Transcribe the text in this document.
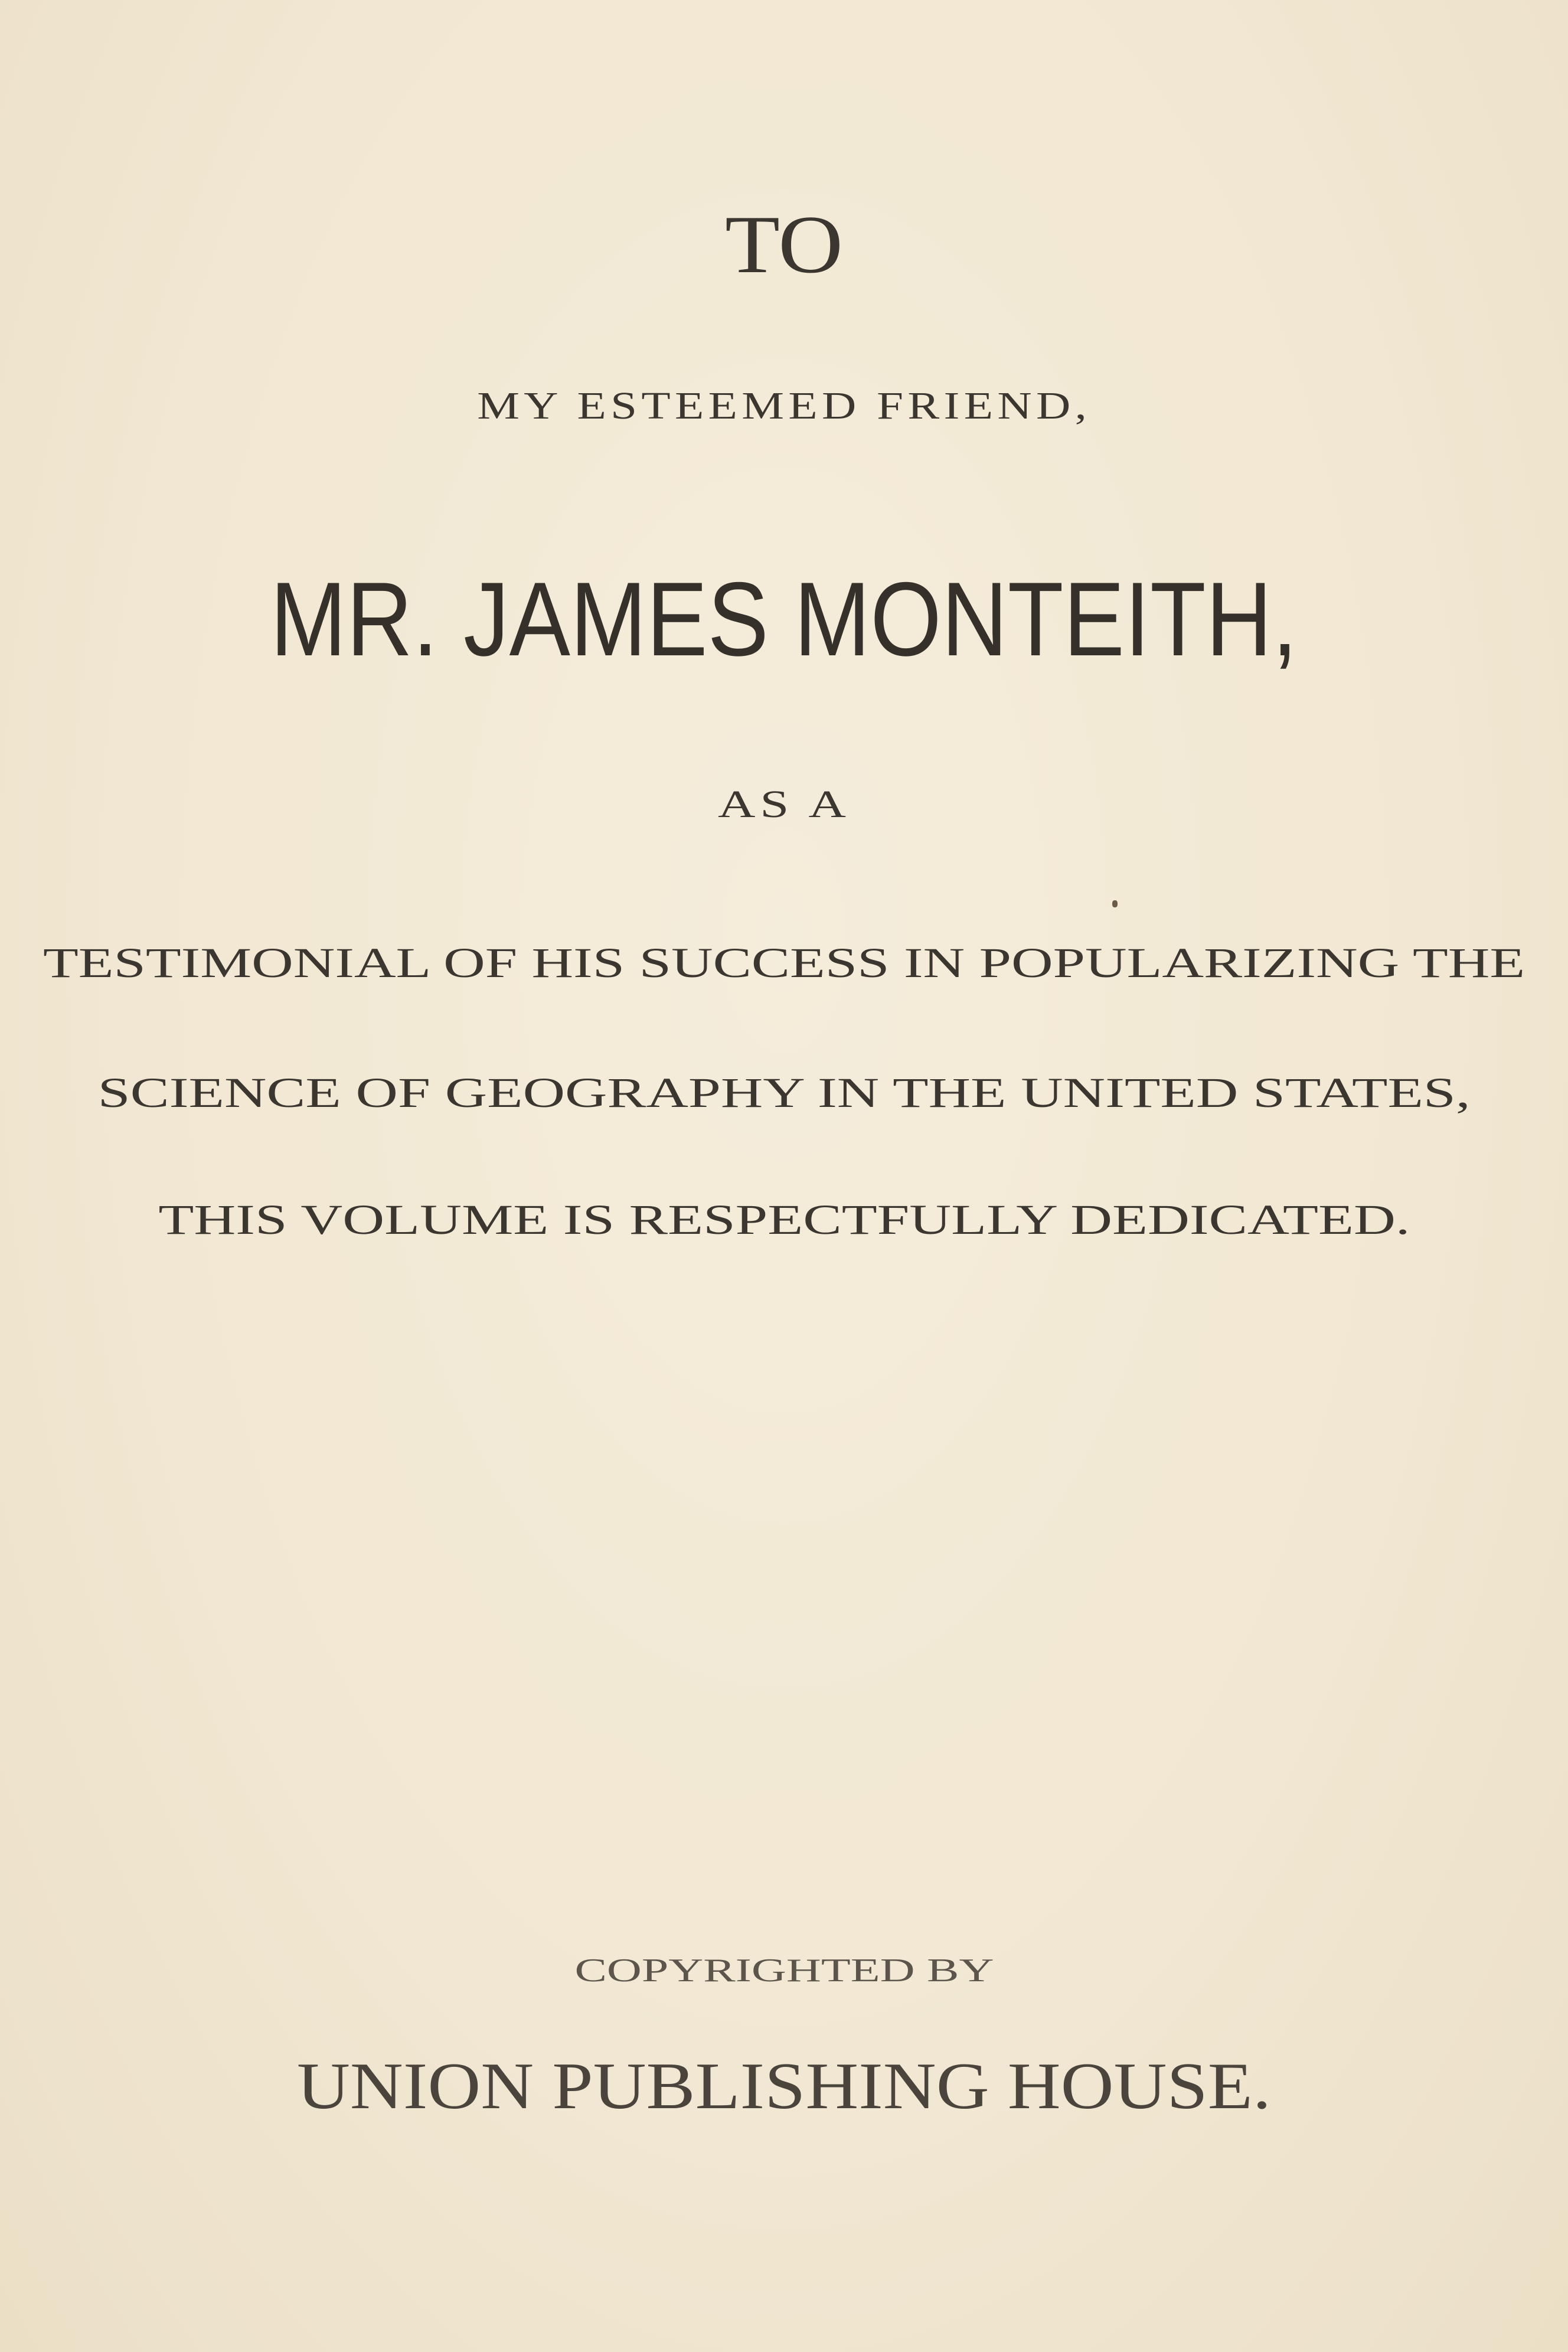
TO
MY ESTEEMED FRIEND,
MR. JAMES MONTEITH,
AS A
TESTIMONIAL OF HIS SUCCESS IN POPULARIZING THE
SCIENCE OF GEOGRAPHY IN THE UNITED STATES,
THIS VOLUME IS RESPECTFULLY DEDICATED.
COPYRIGHTED BY
UNION PUBLISHING HOUSE.
